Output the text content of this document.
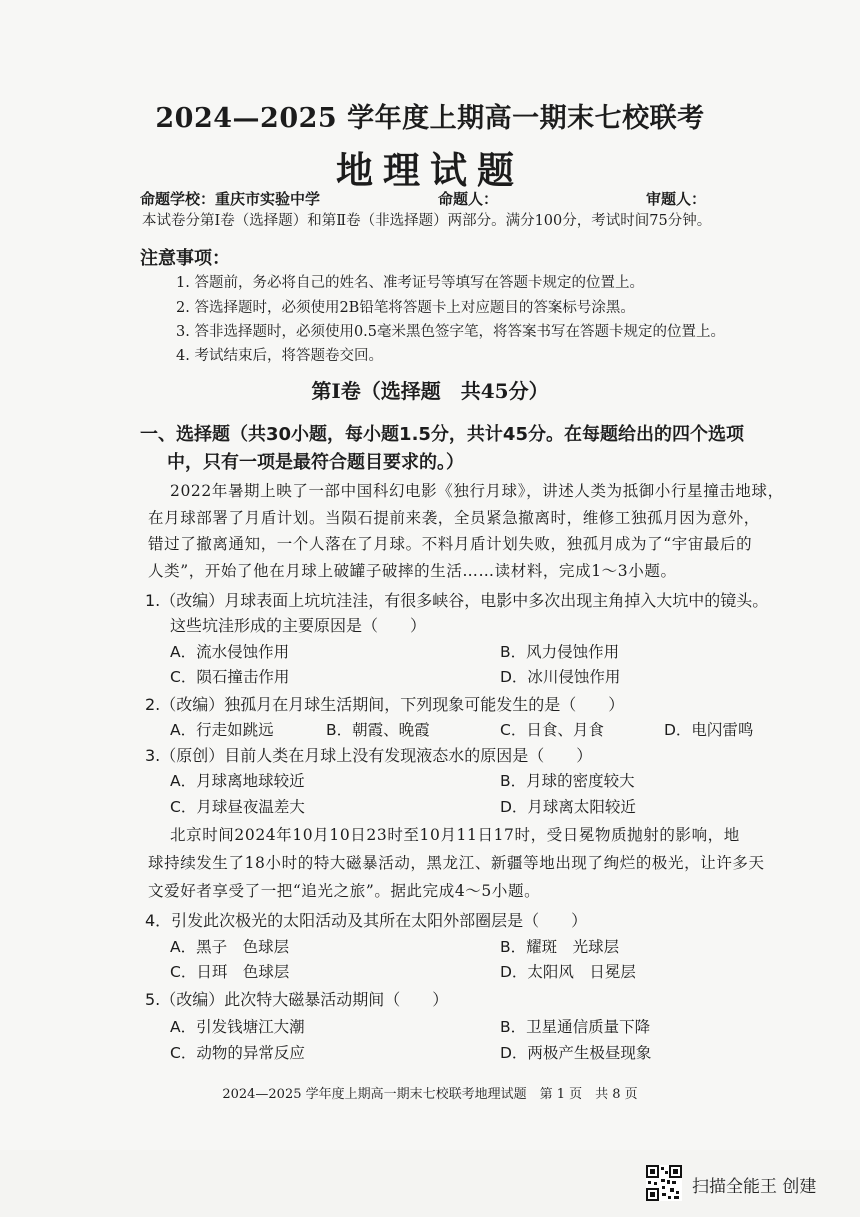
2024—2025 学年度上期高一期末七校联考
地理试题
命题学校：重庆市实验中学	命题人：	审题人：
本试卷分第Ⅰ卷（选择题）和第Ⅱ卷（非选择题）两部分。满分100分，考试时间75分钟。
注意事项：
1. 答题前，务必将自己的姓名、准考证号等填写在答题卡规定的位置上。
2. 答选择题时，必须使用2B铅笔将答题卡上对应题目的答案标号涂黑。
3. 答非选择题时，必须使用0.5毫米黑色签字笔，将答案书写在答题卡规定的位置上。
4. 考试结束后，将答题卷交回。
第Ⅰ卷（选择题　共45分）
一、选择题（共30小题，每小题1.5分，共计45分。在每题给出的四个选项
中，只有一项是最符合题目要求的。）
2022年暑期上映了一部中国科幻电影《独行月球》，讲述人类为抵御小行星撞击地球，
在月球部署了月盾计划。当陨石提前来袭，全员紧急撤离时，维修工独孤月因为意外，
错过了撤离通知，一个人落在了月球。不料月盾计划失败，独孤月成为了“宇宙最后的
人类”，开始了他在月球上破罐子破摔的生活……读材料，完成1～3小题。
1.（改编）月球表面上坑坑洼洼，有很多峡谷，电影中多次出现主角掉入大坑中的镜头。
这些坑洼形成的主要原因是（　　）
A．流水侵蚀作用	B．风力侵蚀作用
C．陨石撞击作用	D．冰川侵蚀作用
2.（改编）独孤月在月球生活期间，下列现象可能发生的是（　　）
A．行走如跳远	B．朝霞、晚霞	C．日食、月食	D．电闪雷鸣
3.（原创）目前人类在月球上没有发现液态水的原因是（　　）
A．月球离地球较近	B．月球的密度较大
C．月球昼夜温差大	D．月球离太阳较近
北京时间2024年10月10日23时至10月11日17时，受日冕物质抛射的影响，地
球持续发生了18小时的特大磁暴活动，黑龙江、新疆等地出现了绚烂的极光，让许多天
文爱好者享受了一把“追光之旅”。据此完成4～5小题。
4．引发此次极光的太阳活动及其所在太阳外部圈层是（　　）
A．黑子　色球层	B．耀斑　光球层
C．日珥　色球层	D．太阳风　日冕层
5.（改编）此次特大磁暴活动期间（　　）
A．引发钱塘江大潮	B．卫星通信质量下降
C．动物的异常反应	D．两极产生极昼现象
2024—2025 学年度上期高一期末七校联考地理试题　第 1 页　共 8 页
扫描全能王 创建
